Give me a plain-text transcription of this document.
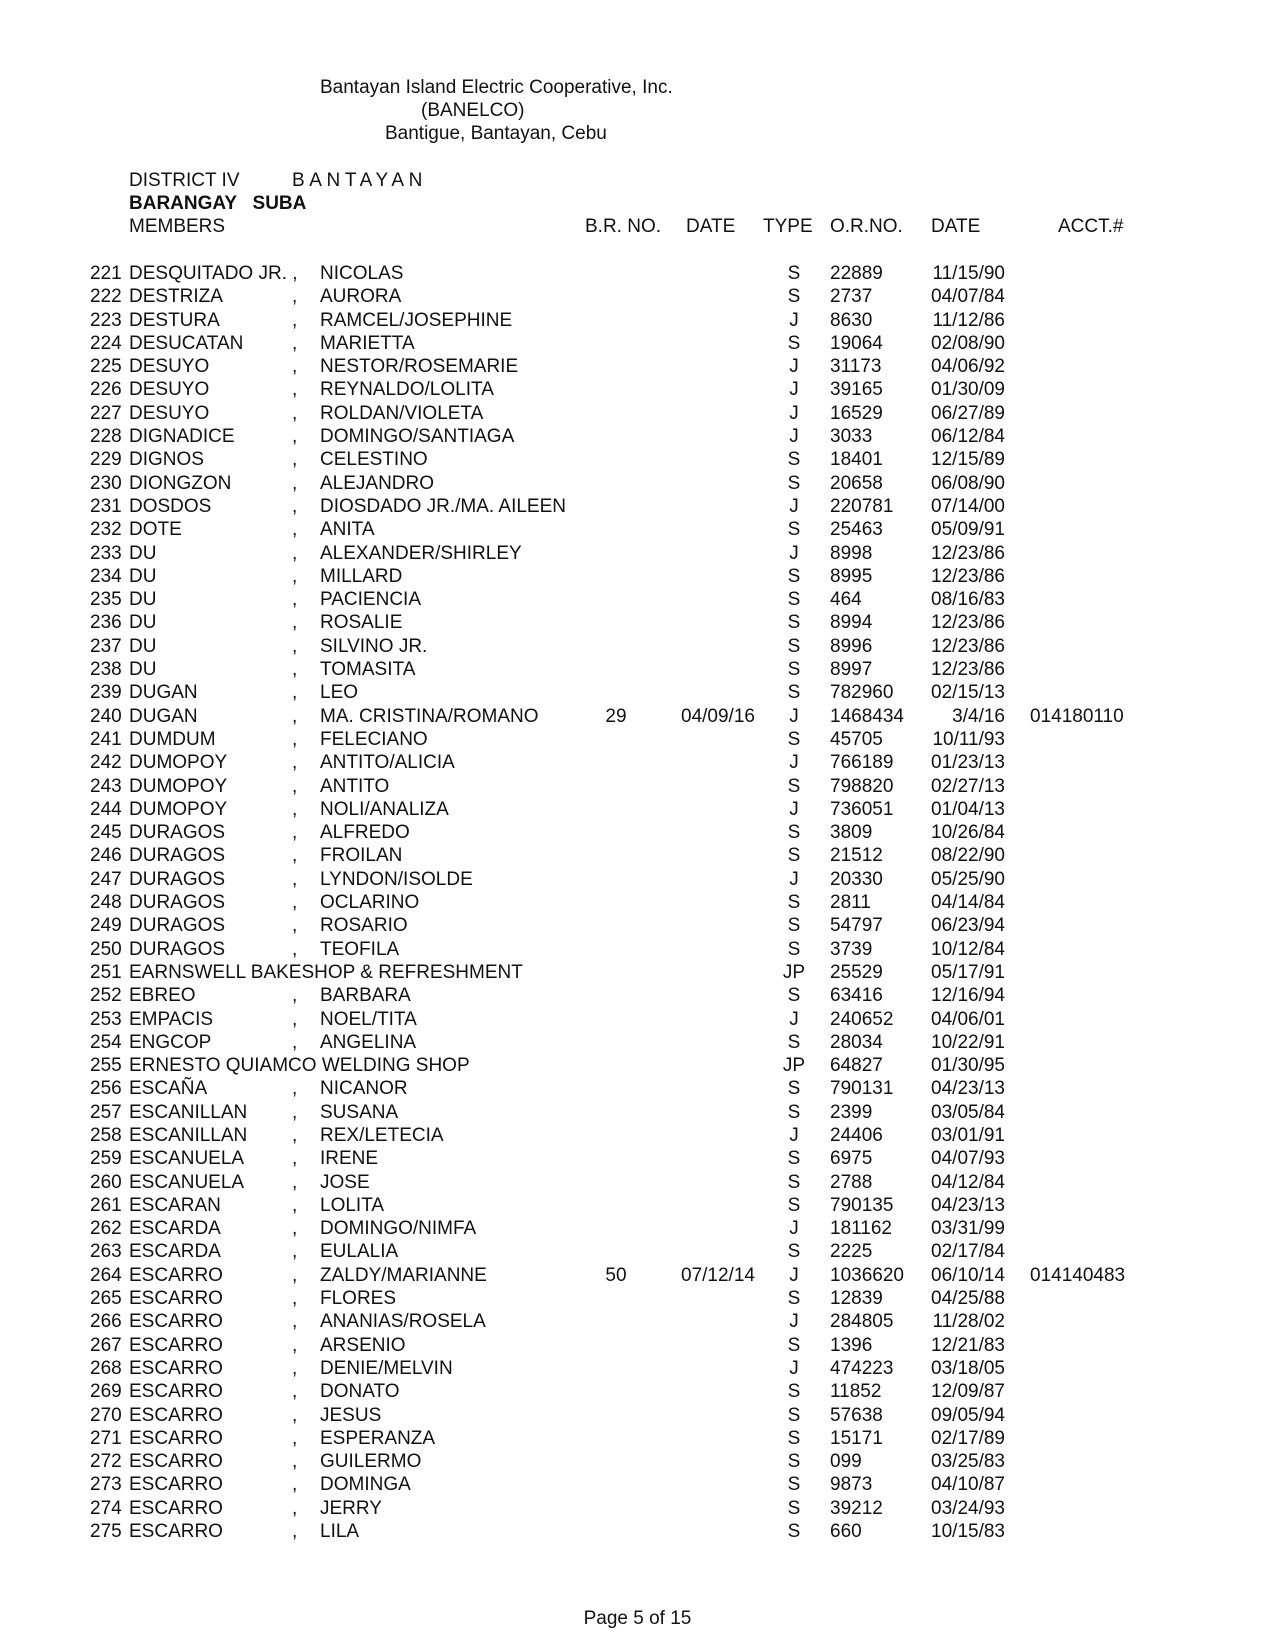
Bantayan Island Electric Cooperative, Inc.
(BANELCO)
Bantigue, Bantayan, Cebu
DISTRICT IV	BANTAYAN
BARANGAY   SUBA
MEMBERS	B.R. NO. DATE TYPE O.R.NO. DATE	ACCT.#
221 DESQUITADO JR. , NICOLAS	S	22889	11/15/90
222 DESTRIZA	, AURORA	S	2737	04/07/84
223 DESTURA	, RAMCEL/JOSEPHINE	J	8630	11/12/86
224 DESUCATAN	, MARIETTA	S	19064	02/08/90
225 DESUYO	, NESTOR/ROSEMARIE	J	31173	04/06/92
226 DESUYO	, REYNALDO/LOLITA	J	39165	01/30/09
227 DESUYO	, ROLDAN/VIOLETA	J	16529	06/27/89
228 DIGNADICE	, DOMINGO/SANTIAGA	J	3033	06/12/84
229 DIGNOS	, CELESTINO	S	18401	12/15/89
230 DIONGZON	, ALEJANDRO	S	20658	06/08/90
231 DOSDOS	, DIOSDADO JR./MA. AILEEN	J	220781 07/14/00
232 DOTE	, ANITA	S	25463	05/09/91
233 DU	, ALEXANDER/SHIRLEY	J	8998	12/23/86
234 DU	, MILLARD	S	8995	12/23/86
235 DU	, PACIENCIA	S	464	08/16/83
236 DU	, ROSALIE	S	8994	12/23/86
237 DU	, SILVINO JR.	S	8996	12/23/86
238 DU	, TOMASITA	S	8997	12/23/86
239 DUGAN	, LEO	S	782960 02/15/13
240 DUGAN	, MA. CRISTINA/ROMANO	29	04/09/16	J	1468434	3/4/16 014180110
241 DUMDUM	, FELECIANO	S	45705	10/11/93
242 DUMOPOY	, ANTITO/ALICIA	J	766189 01/23/13
243 DUMOPOY	, ANTITO	S	798820 02/27/13
244 DUMOPOY	, NOLI/ANALIZA	J	736051 01/04/13
245 DURAGOS	, ALFREDO	S	3809	10/26/84
246 DURAGOS	, FROILAN	S	21512	08/22/90
247 DURAGOS	, LYNDON/ISOLDE	J	20330	05/25/90
248 DURAGOS	, OCLARINO	S	2811	04/14/84
249 DURAGOS	, ROSARIO	S	54797	06/23/94
250 DURAGOS	, TEOFILA	S	3739	10/12/84
251 EARNSWELL BAKESHOP & REFRESHMENT	JP	25529	05/17/91
252 EBREO	, BARBARA	S	63416	12/16/94
253 EMPACIS	, NOEL/TITA	J	240652 04/06/01
254 ENGCOP	, ANGELINA	S	28034	10/22/91
255 ERNESTO QUIAMCO WELDING SHOP	JP	64827	01/30/95
256 ESCAÑA	, NICANOR	S	790131 04/23/13
257 ESCANILLAN , SUSANA	S	2399	03/05/84
258 ESCANILLAN , REX/LETECIA	J	24406	03/01/91
259 ESCANUELA	, IRENE	S	6975	04/07/93
260 ESCANUELA	, JOSE	S	2788	04/12/84
261 ESCARAN	, LOLITA	S	790135 04/23/13
262 ESCARDA	, DOMINGO/NIMFA	J	181162 03/31/99
263 ESCARDA	, EULALIA	S	2225	02/17/84
264 ESCARRO	, ZALDY/MARIANNE	50	07/12/14	J	1036620 06/10/14 014140483
265 ESCARRO	, FLORES	S	12839	04/25/88
266 ESCARRO	, ANANIAS/ROSELA	J	284805 11/28/02
267 ESCARRO	, ARSENIO	S	1396	12/21/83
268 ESCARRO	, DENIE/MELVIN	J	474223 03/18/05
269 ESCARRO	, DONATO	S	11852	12/09/87
270 ESCARRO	, JESUS	S	57638	09/05/94
271 ESCARRO	, ESPERANZA	S	15171	02/17/89
272 ESCARRO	, GUILERMO	S	099	03/25/83
273 ESCARRO	, DOMINGA	S	9873	04/10/87
274 ESCARRO	, JERRY	S	39212	03/24/93
275 ESCARRO	, LILA	S	660	10/15/83
Page 5 of 15
